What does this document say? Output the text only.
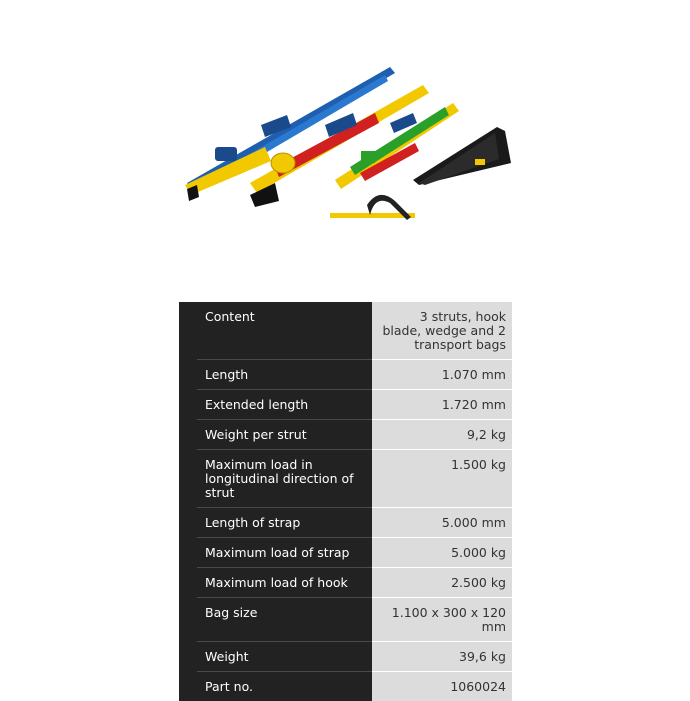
	Content	3 struts, hook blade, wedge and 2 transport bags
	Length	1.070 mm
	Extended length	1.720 mm
	Weight per strut	9,2 kg
	Maximum load in longitudinal direction of strut	1.500 kg
	Length of strap	5.000 mm
	Maximum load of strap	5.000 kg
	Maximum load of hook	2.500 kg
	Bag size	1.100 x 300 x 120 mm
	Weight	39,6 kg
	Part no.	1060024
